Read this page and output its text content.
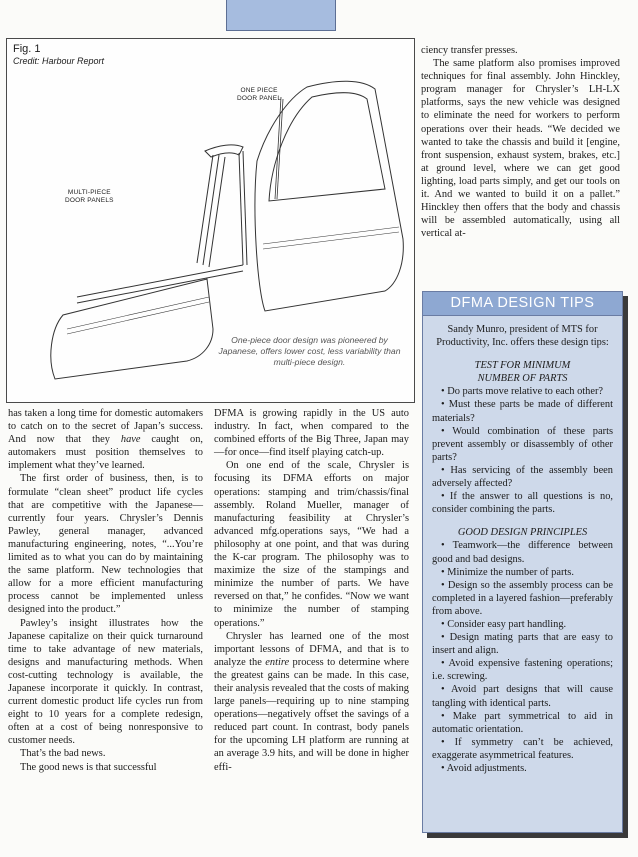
Fig. 1
Credit: Harbour Report
ONE PIECE
DOOR PANEL
MULTI-PIECE
DOOR PANELS
One-piece door design was pioneered by Japanese, offers lower cost, less variability than multi-piece design.

has taken a long time for domestic automakers to catch on to the secret of Japan’s success. And now that they have caught on, automakers must position themselves to implement what they’ve learned.

The first order of business, then, is to formulate “clean sheet” product life cycles that are competitive with the Japanese—currently four years. Chrysler’s Dennis Pawley, general manager, advanced manufacturing engineering, notes, “...You’re limited as to what you can do by maintaining the same platform. New technologies that allow for a more efficient manufacturing process cannot be implemented unless designed into the product.”

Pawley’s insight illustrates how the Japanese capitalize on their quick turnaround time to take advantage of new materials, designs and manufacturing methods. When cost-cutting technology is available, the Japanese incorporate it quickly. In contrast, current domestic product life cycles run from eight to 10 years for a complete redesign, often at a cost of being nonresponsive to customer needs.

That’s the bad news.

The good news is that successful

DFMA is growing rapidly in the US auto industry. In fact, when compared to the combined efforts of the Big Three, Japan may—for once—find itself playing catch-up.

On one end of the scale, Chrysler is focusing its DFMA efforts on major operations: stamping and trim/chassis/final assembly. Roland Mueller, manager of manufacturing feasibility at Chrysler’s advanced mfg.operations says, “We had a philosophy at one point, and that was during the K-car program. The philosophy was to maximize the size of the stampings and minimize the number of parts. We have reversed on that,” he confides. “Now we want to minimize the number of stamping operations.”

Chrysler has learned one of the most important lessons of DFMA, and that is to analyze the entire process to determine where the greatest gains can be made. In this case, their analysis revealed that the costs of making large panels—requiring up to nine stamping operations—negatively offset the savings of a reduced part count. In contrast, body panels for the upcoming LH platform are running at an average 3.9 hits, and will be done in higher effi-

ciency transfer presses.

The same platform also promises improved techniques for final assembly. John Hinckley, program manager for Chrysler’s LH-LX platforms, says the new vehicle was designed to eliminate the need for workers to perform operations over their heads. “We decided we wanted to take the chassis and build it [engine, front suspension, exhaust system, brakes, etc.] at ground level, where we can get good lighting, load parts simply, and get our tools on it. And we wanted to build it on a pallet.” Hinckley then offers that the body and chassis will be assembled automatically, using all vertical at-

DFMA DESIGN TIPS

Sandy Munro, president of MTS for Productivity, Inc. offers these design tips:

TEST FOR MINIMUM

NUMBER OF PARTS

• Do parts move relative to each other?

• Must these parts be made of different materials?

• Would combination of these parts prevent assembly or disassembly of other parts?

• Has servicing of the assembly been adversely affected?

• If the answer to all questions is no, consider combining the parts.

GOOD DESIGN PRINCIPLES

• Teamwork—the difference between good and bad designs.

• Minimize the number of parts.

• Design so the assembly process can be completed in a layered fashion—preferably from above.

• Consider easy part handling.

• Design mating parts that are easy to insert and align.

• Avoid expensive fastening operations; i.e. screwing.

• Avoid part designs that will cause tangling with identical parts.

• Make part symmetrical to aid in automatic orientation.

• If symmetry can’t be achieved, exaggerate asymmetrical features.

• Avoid adjustments.
